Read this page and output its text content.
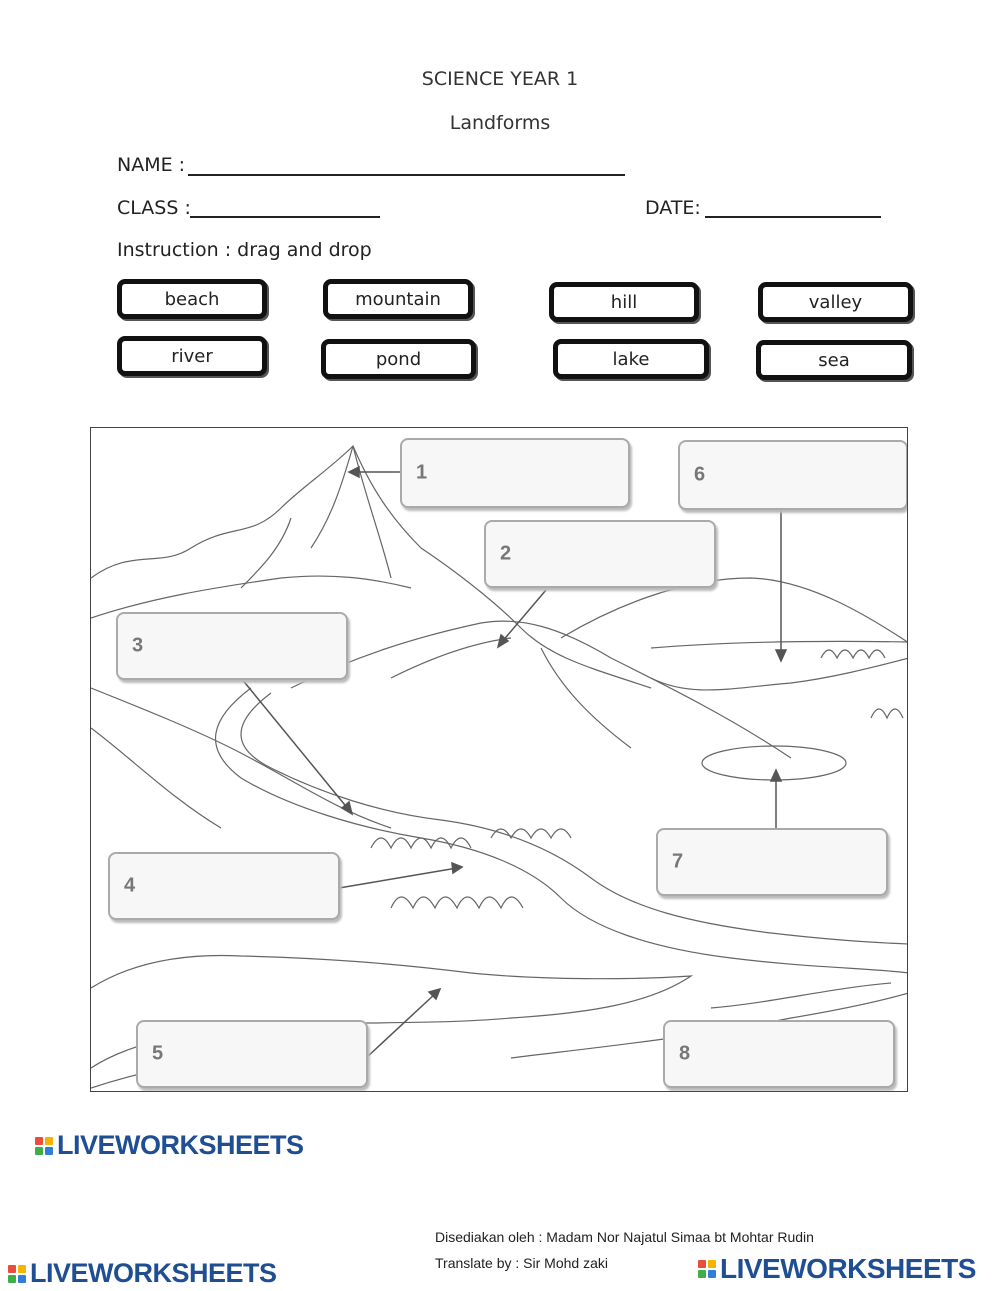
SCIENCE YEAR 1
Landforms
NAME :
CLASS :	DATE:
Instruction : drag and drop
beach	mountain	hill	valley
river	pond	lake	sea
1	6
2
3
4
7
5	8
LIVEWORKSHEETS
Disediakan oleh : Madam Nor Najatul Simaa bt Mohtar Rudin
Translate by : Sir Mohd zaki
LIVEWORKSHEETS	LIVEWORKSHEETS
